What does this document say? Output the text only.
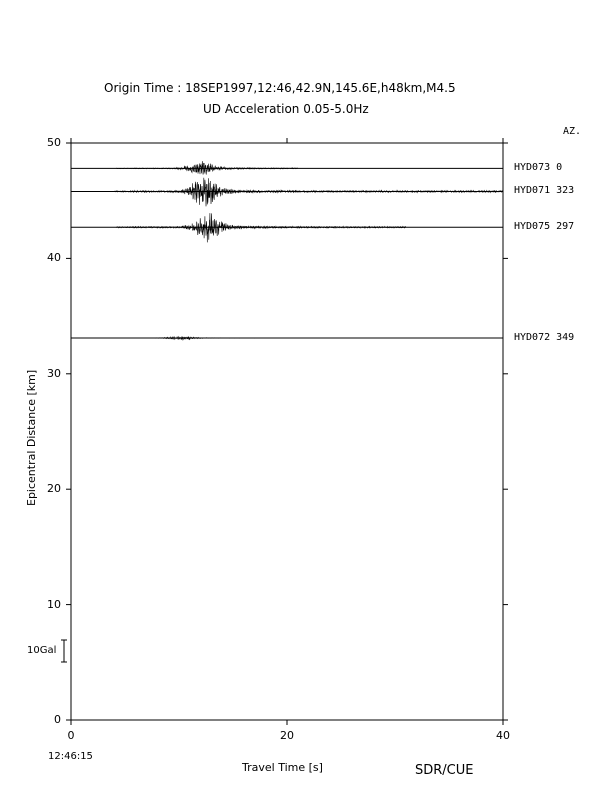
Origin Time : 18SEP1997,12:46,42.9N,145.6E,h48km,M4.5
UD Acceleration 0.05-5.0Hz
AZ.
Epicentral Distance [km]
Travel Time [s]
12:46:15
10Gal
SDR/CUE
0
10
20
30
40
50
0	20	40
HYD073 0
HYD071 323
HYD075 297
HYD072 349
